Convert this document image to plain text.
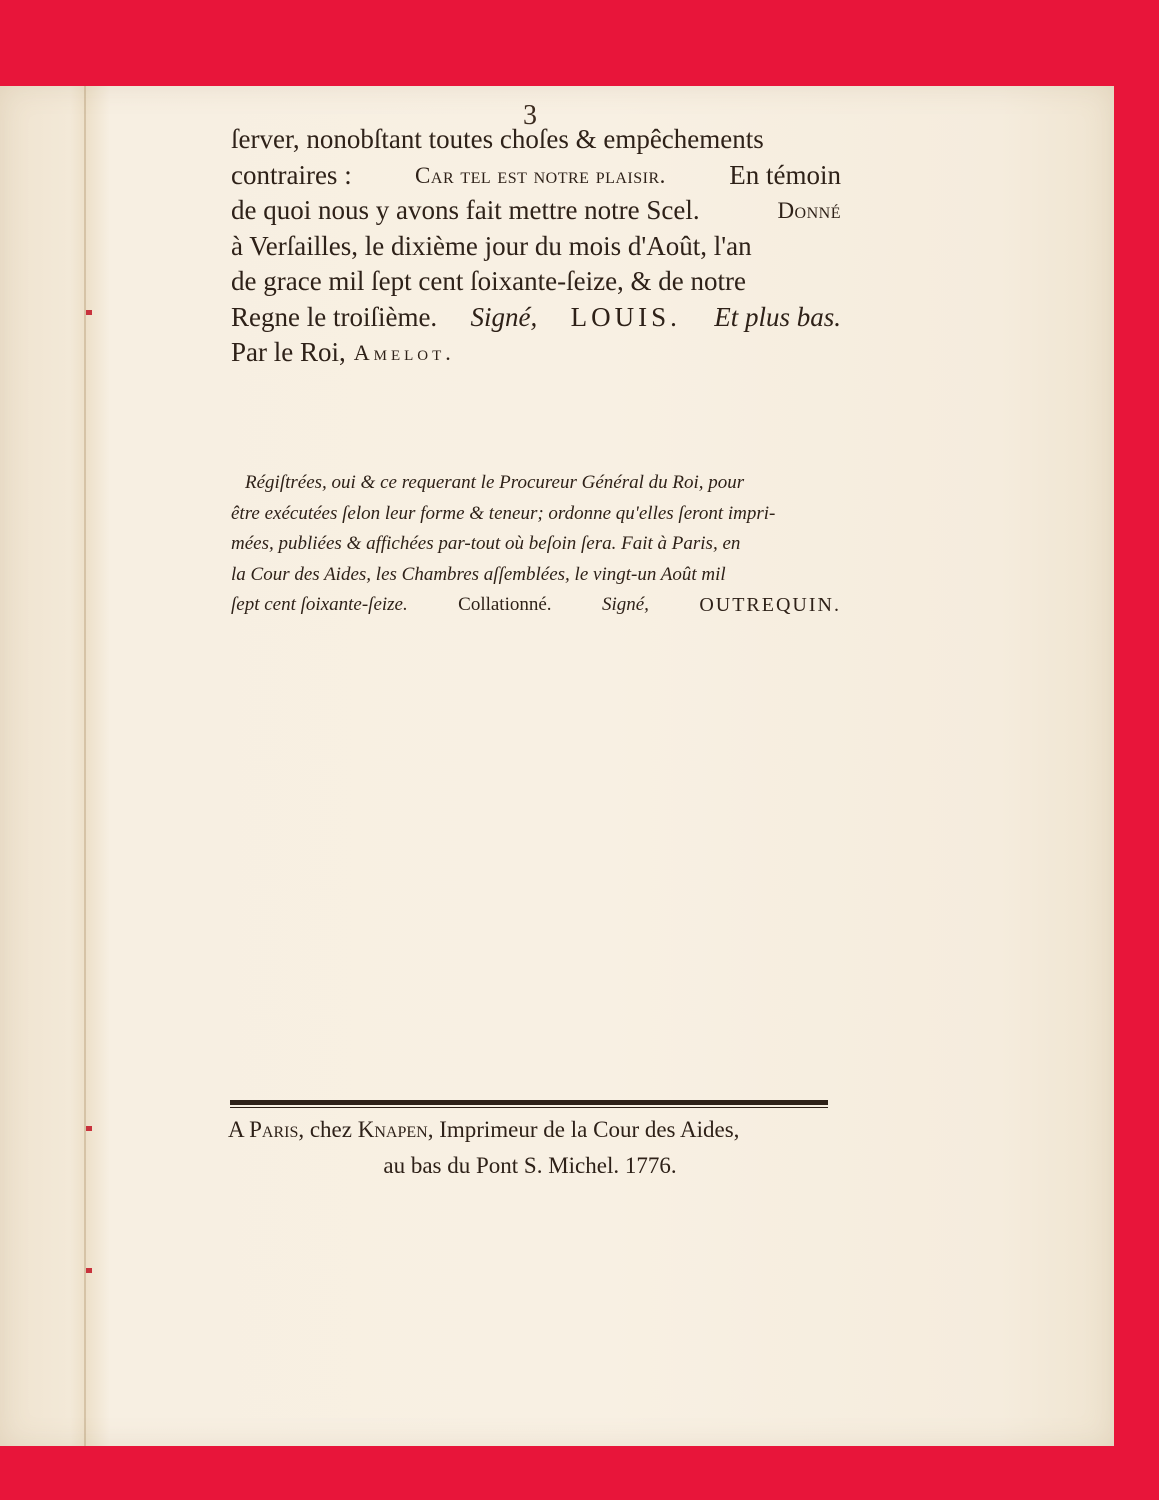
3
ſerver, nonobſtant toutes choſes & empêchements
contraires :	Car tel est notre plaisir. En témoin
de quoi nous y avons fait mettre notre Scel.	Donné
à Verſailles, le dixième jour du mois d'Août, l'an
de grace mil ſept cent ſoixante-ſeize, & de notre
Regne le troiſième. Signé, LOUIS. Et plus bas.
Par le Roi, Amelot.
Régiſtrées, oui & ce requerant le Procureur Général du Roi, pour
être exécutées ſelon leur forme & teneur; ordonne qu'elles ſeront impri-
mées, publiées & affichées par-tout où beſoin ſera. Fait à Paris, en
la Cour des Aides, les Chambres aſſemblées, le vingt-un Août mil
ſept cent ſoixante-ſeize.	Collationné.	Signé,	OUTREQUIN.
A Paris, chez Knapen, Imprimeur de la Cour des Aides,
au bas du Pont S. Michel. 1776.
